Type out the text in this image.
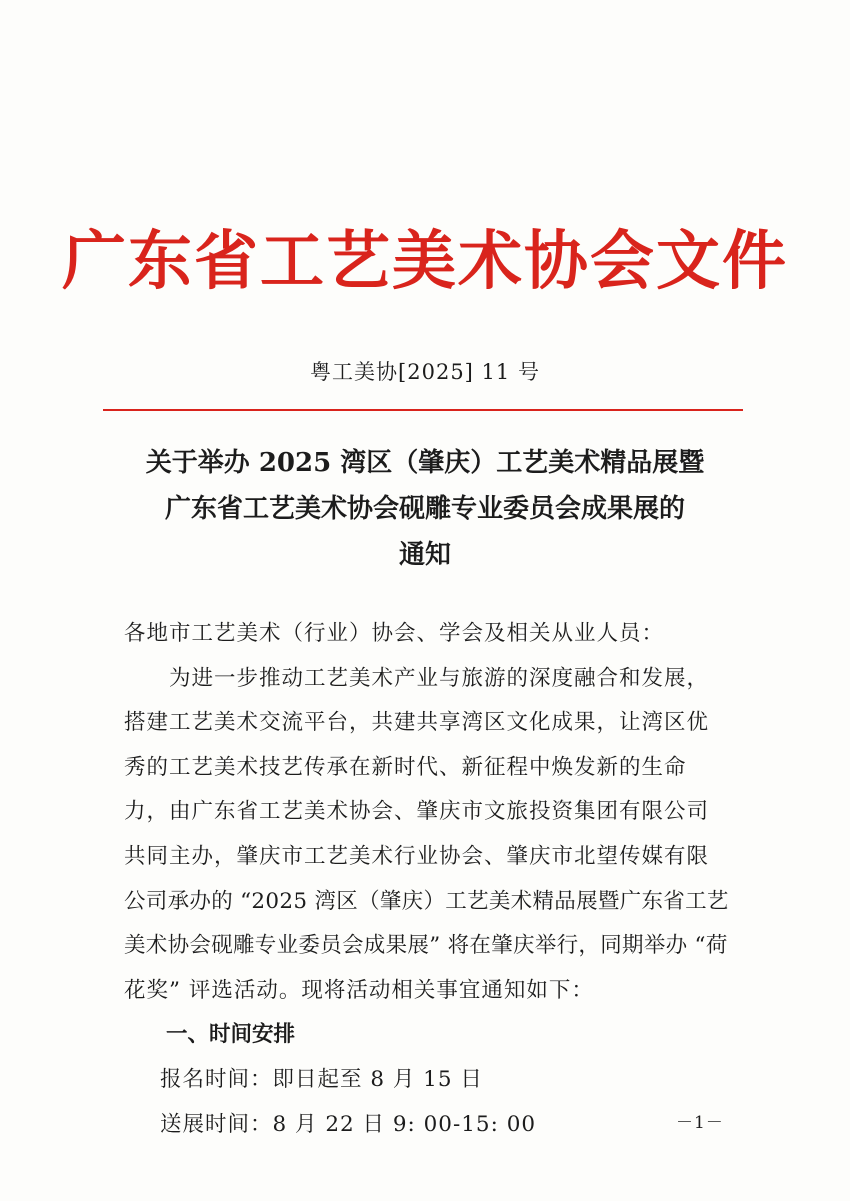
广东省工艺美术协会文件
粤工美协[2025] 11 号
关于举办 2025 湾区（肇庆）工艺美术精品展暨
广东省工艺美术协会砚雕专业委员会成果展的
通知
各地市工艺美术（行业）协会、学会及相关从业人员：
为进一步推动工艺美术产业与旅游的深度融合和发展，
搭建工艺美术交流平台，共建共享湾区文化成果，让湾区优
秀的工艺美术技艺传承在新时代、新征程中焕发新的生命
力，由广东省工艺美术协会、肇庆市文旅投资集团有限公司
共同主办，肇庆市工艺美术行业协会、肇庆市北望传媒有限
公司承办的 “2025 湾区（肇庆）工艺美术精品展暨广东省工艺
美术协会砚雕专业委员会成果展” 将在肇庆举行，同期举办 “荷
花奖” 评选活动。现将活动相关事宜通知如下：
一、时间安排
报名时间：即日起至 8 月 15 日
送展时间：8 月 22 日 9: 00-15: 00	－1－
